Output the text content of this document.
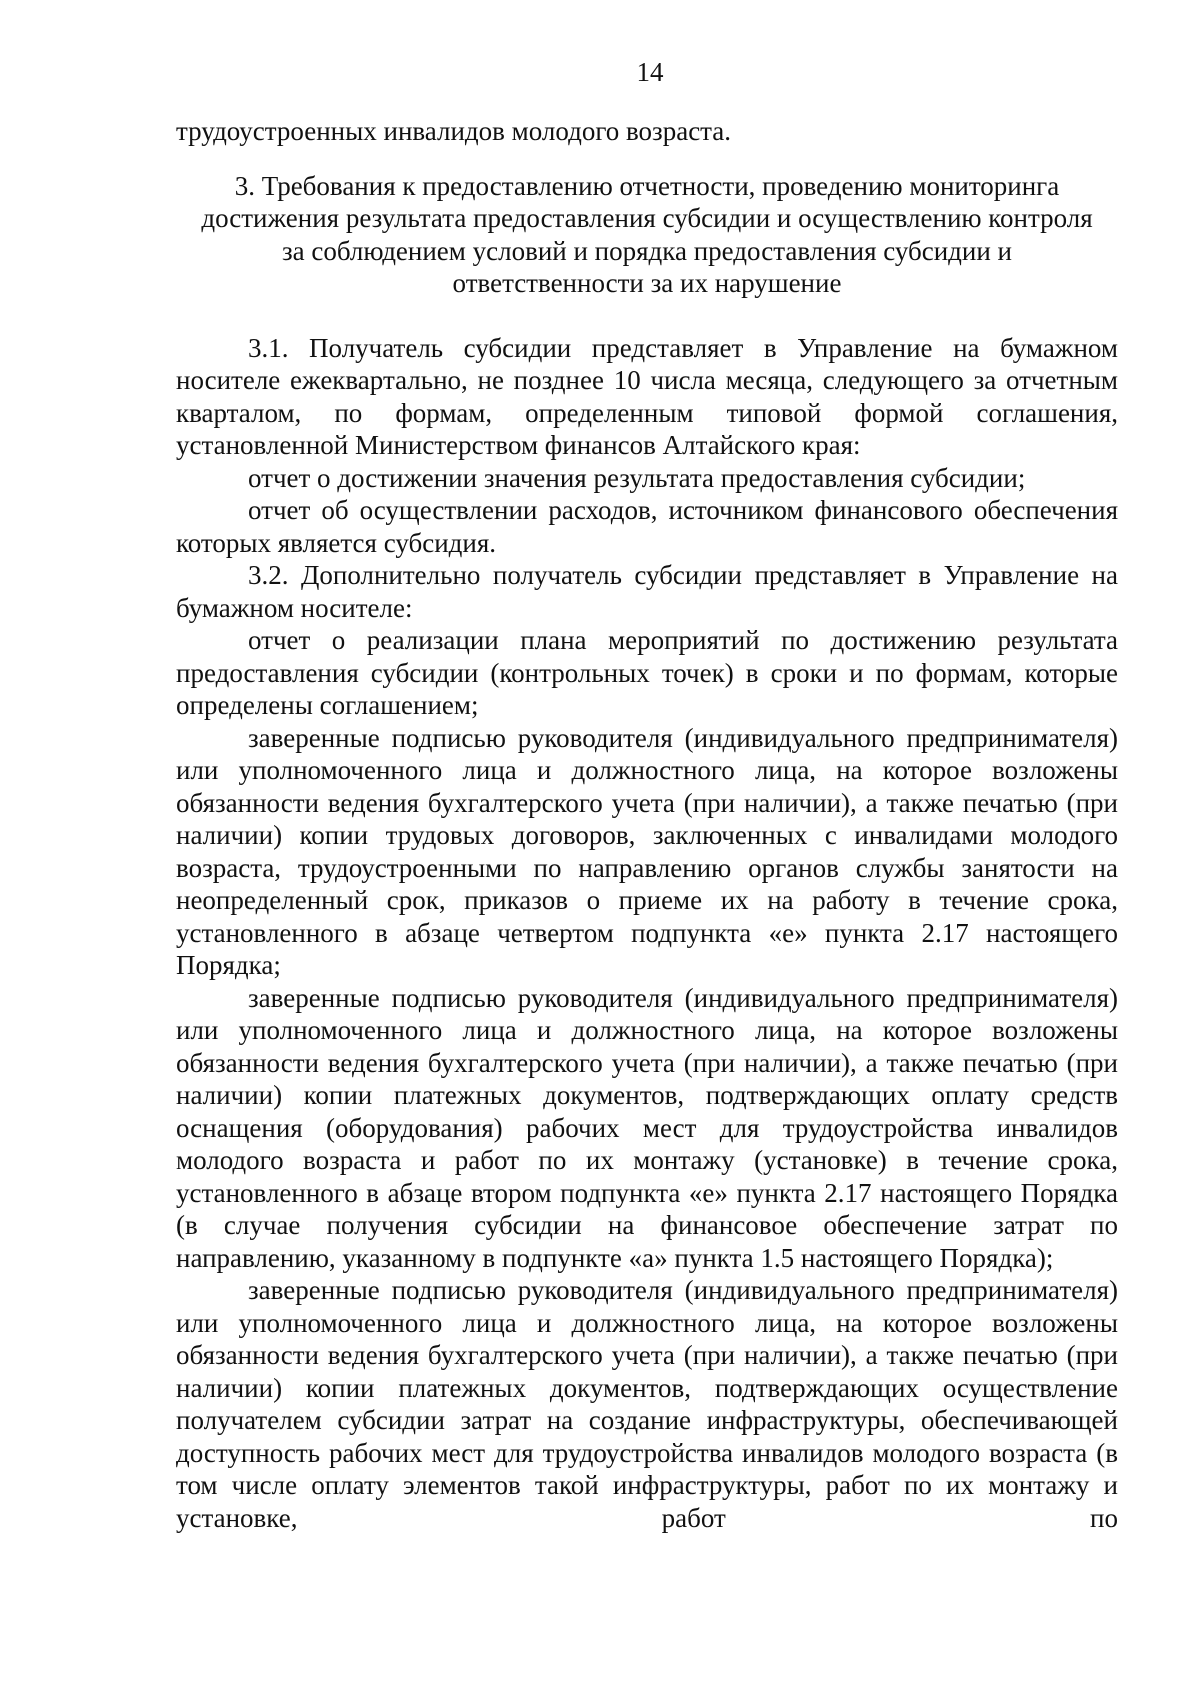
14

трудоустроенных инвалидов молодого возраста.

3. Требования к предоставлению отчетности, проведению мониторинга
достижения результата предоставления субсидии и осуществлению контроля
за соблюдением условий и порядка предоставления субсидии и
ответственности за их нарушение

3.1. Получатель субсидии представляет в Управление на бумажном носителе ежеквартально, не позднее 10 числа месяца, следующего за отчетным кварталом, по формам, определенным типовой формой соглашения, установленной Министерством финансов Алтайского края:

отчет о достижении значения результата предоставления субсидии;

отчет об осуществлении расходов, источником финансового обеспечения которых является субсидия.

3.2. Дополнительно получатель субсидии представляет в Управление на бумажном носителе:

отчет о реализации плана мероприятий по достижению результата предоставления субсидии (контрольных точек) в сроки и по формам, которые определены соглашением;

заверенные подписью руководителя (индивидуального предпринимателя) или уполномоченного лица и должностного лица, на которое возложены обязанности ведения бухгалтерского учета (при наличии), а также печатью (при наличии) копии трудовых договоров, заключенных с инвалидами молодого возраста, трудоустроенными по направлению органов службы занятости на неопределенный срок, приказов о приеме их на работу в течение срока, установленного в абзаце четвертом подпункта «е» пункта 2.17 настоящего Порядка;

заверенные подписью руководителя (индивидуального предпринимателя) или уполномоченного лица и должностного лица, на которое возложены обязанности ведения бухгалтерского учета (при наличии), а также печатью (при наличии) копии платежных документов, подтверждающих оплату средств оснащения (оборудования) рабочих мест для трудоустройства инвалидов молодого возраста и работ по их монтажу (установке) в течение срока, установленного в абзаце втором подпункта «е» пункта 2.17 настоящего Порядка (в случае получения субсидии на финансовое обеспечение затрат по направлению, указанному в подпункте «а» пункта 1.5 настоящего Порядка);

заверенные подписью руководителя (индивидуального предпринимателя) или уполномоченного лица и должностного лица, на которое возложены обязанности ведения бухгалтерского учета (при наличии), а также печатью (при наличии) копии платежных документов, подтверждающих осуществление получателем субсидии затрат на создание инфраструктуры, обеспечивающей доступность рабочих мест для трудоустройства инвалидов молодого возраста (в том числе оплату элементов такой инфраструктуры, работ по их монтажу и установке, работ по
